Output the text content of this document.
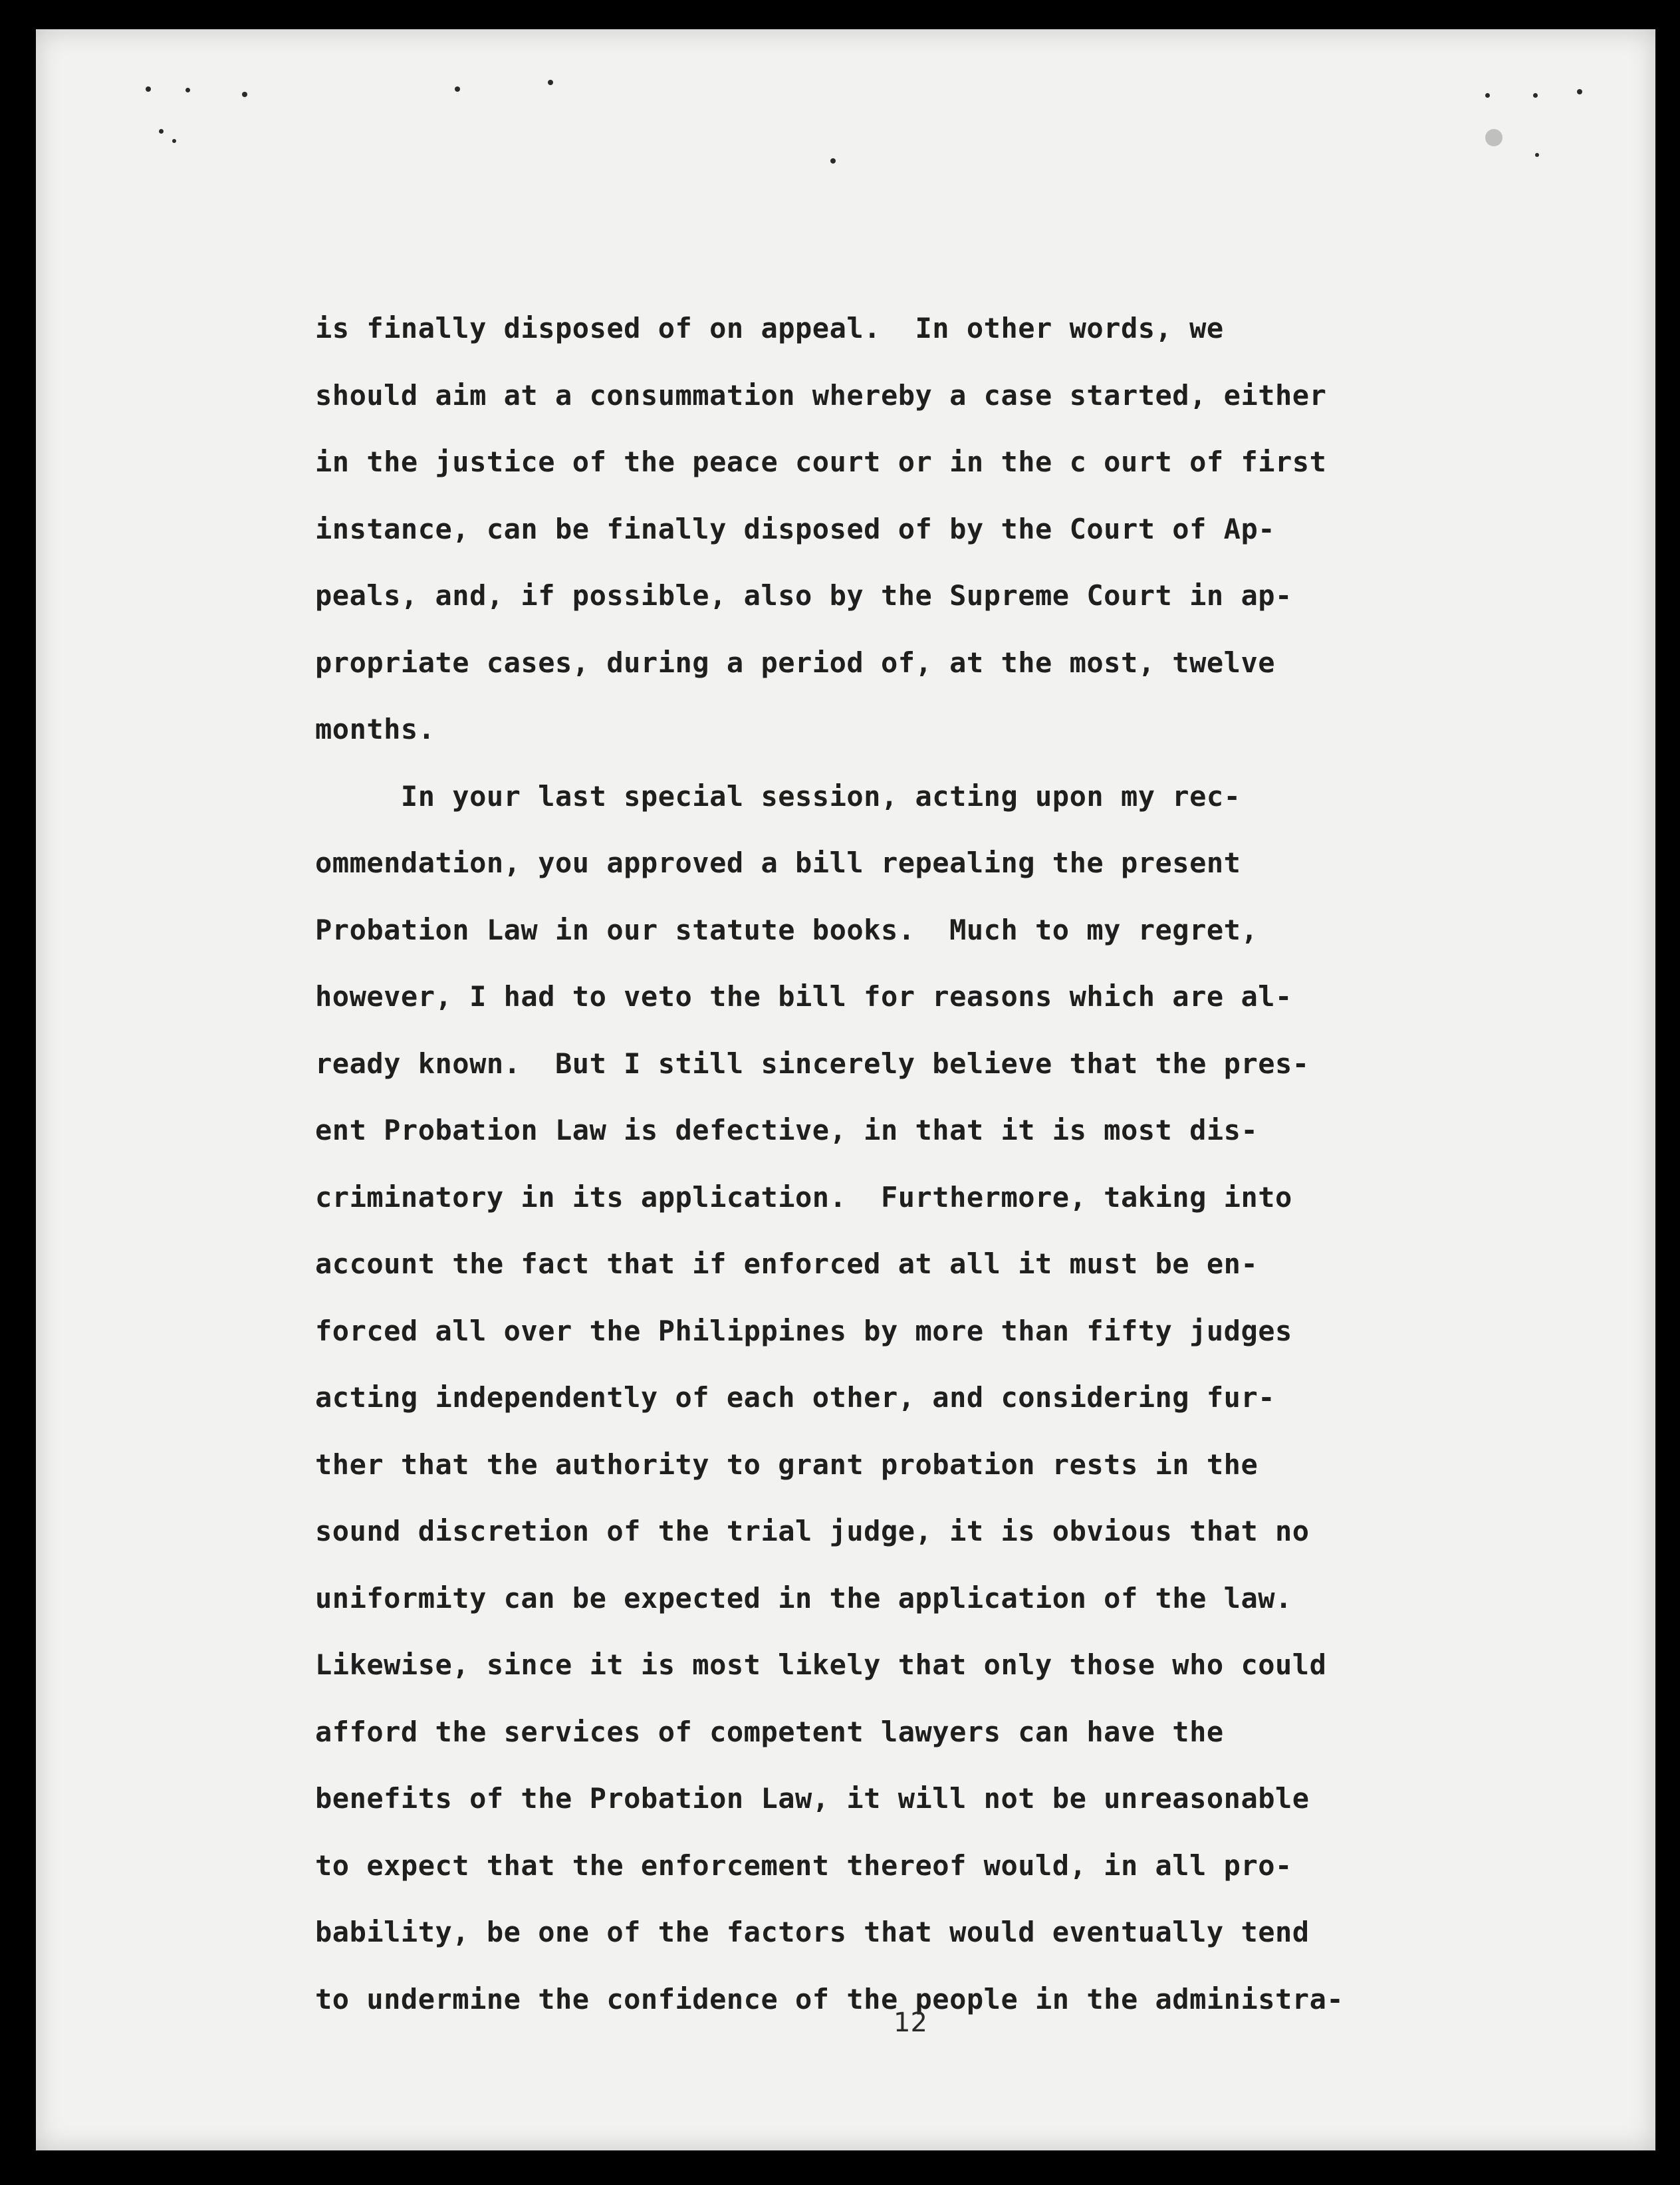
is finally disposed of on appeal.  In other words, we
should aim at a consummation whereby a case started, either
in the justice of the peace court or in the c ourt of first
instance, can be finally disposed of by the Court of Ap-
peals, and, if possible, also by the Supreme Court in ap-
propriate cases, during a period of, at the most, twelve
months.
In your last special session, acting upon my rec-
ommendation, you approved a bill repealing the present
Probation Law in our statute books.  Much to my regret,
however, I had to veto the bill for reasons which are al-
ready known.  But I still sincerely believe that the pres-
ent Probation Law is defective, in that it is most dis-
criminatory in its application.  Furthermore, taking into
account the fact that if enforced at all it must be en-
forced all over the Philippines by more than fifty judges
acting independently of each other, and considering fur-
ther that the authority to grant probation rests in the
sound discretion of the trial judge, it is obvious that no
uniformity can be expected in the application of the law.
Likewise, since it is most likely that only those who could
afford the services of competent lawyers can have the
benefits of the Probation Law, it will not be unreasonable
to expect that the enforcement thereof would, in all pro-
bability, be one of the factors that would eventually tend
to undermine the confidence of the people in the administra-
12
